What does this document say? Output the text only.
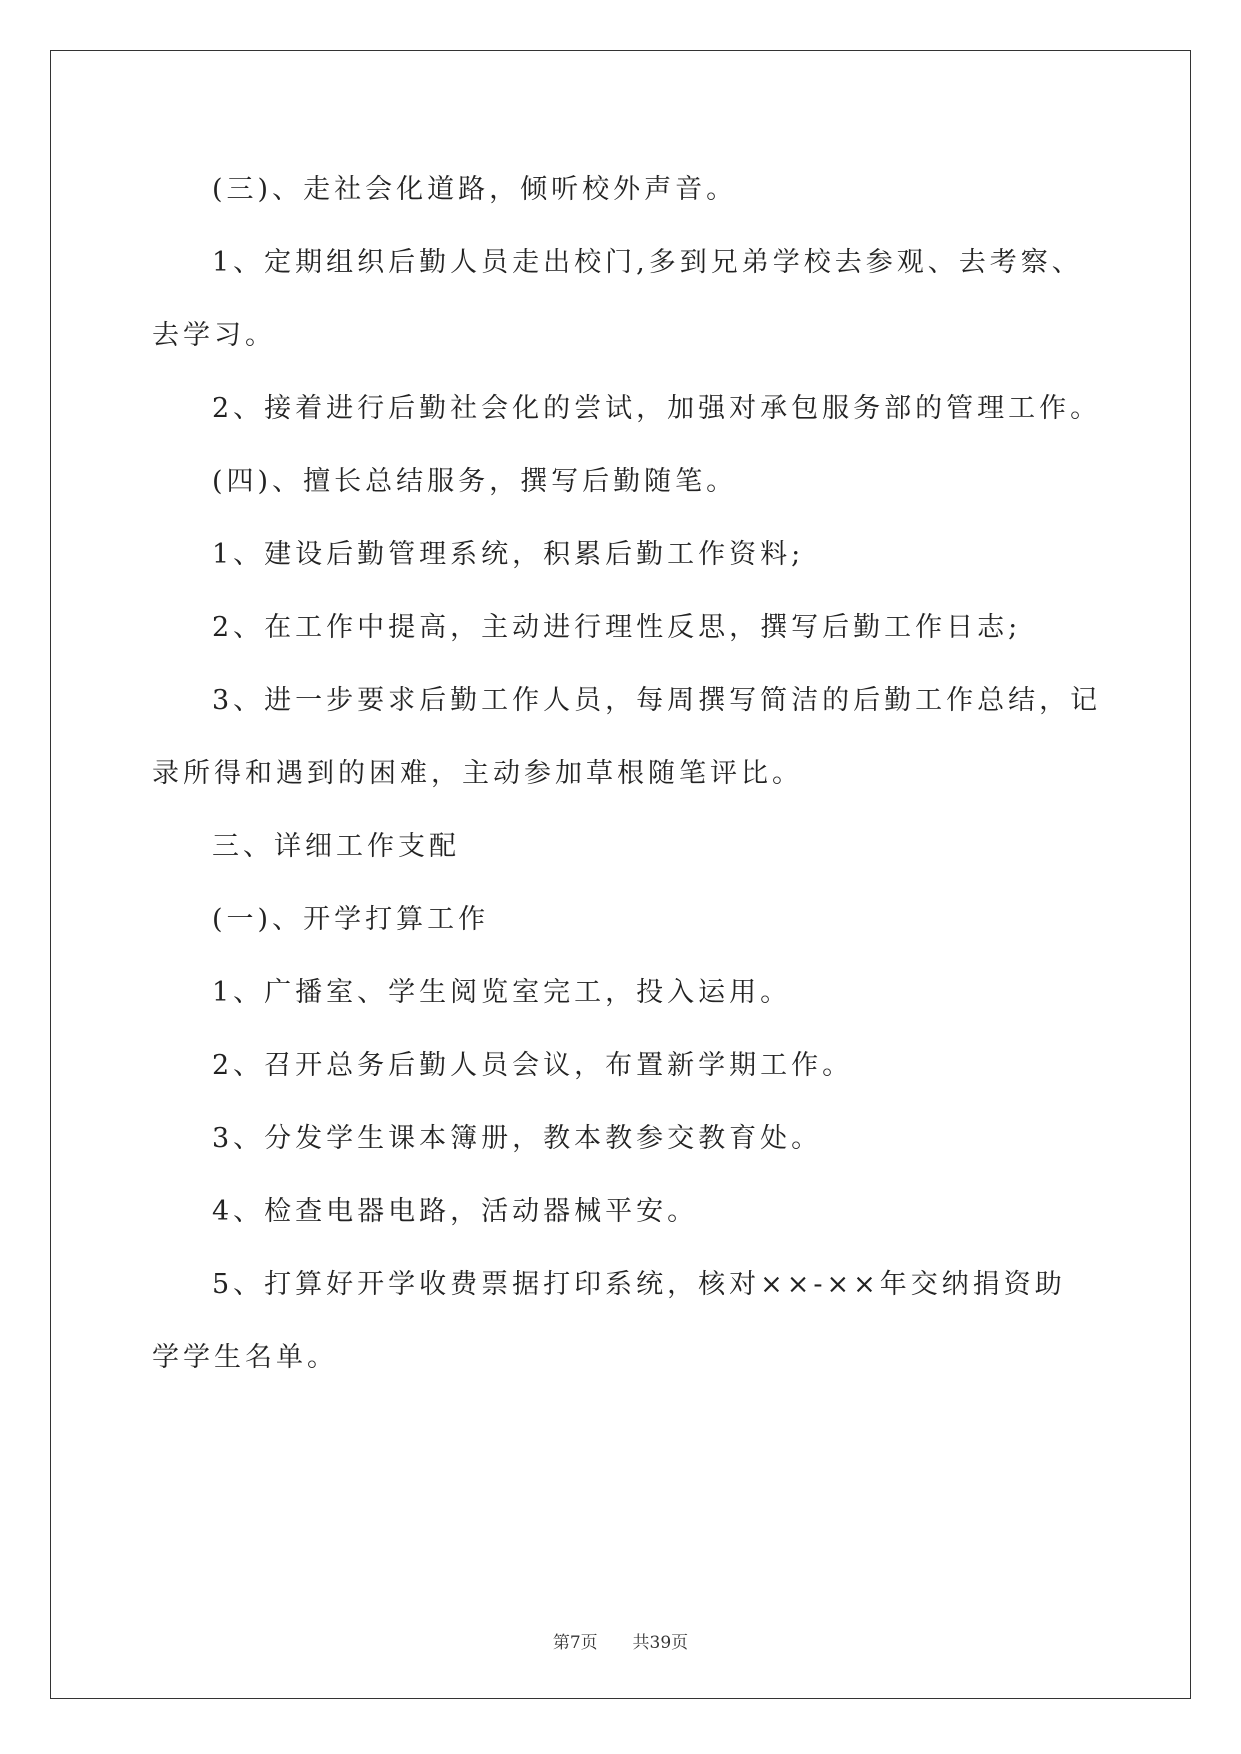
(三)、走社会化道路，倾听校外声音。
1、定期组织后勤人员走出校门,多到兄弟学校去参观、去考察、
去学习。
2、接着进行后勤社会化的尝试，加强对承包服务部的管理工作。
(四)、擅长总结服务，撰写后勤随笔。
1、建设后勤管理系统，积累后勤工作资料;
2、在工作中提高，主动进行理性反思，撰写后勤工作日志;
3、进一步要求后勤工作人员，每周撰写简洁的后勤工作总结，记
录所得和遇到的困难，主动参加草根随笔评比。
三、详细工作支配
(一)、开学打算工作
1、广播室、学生阅览室完工，投入运用。
2、召开总务后勤人员会议，布置新学期工作。
3、分发学生课本簿册，教本教参交教育处。
4、检查电器电路，活动器械平安。
5、打算好开学收费票据打印系统，核对××-××年交纳捐资助
学学生名单。
第7页 共39页
